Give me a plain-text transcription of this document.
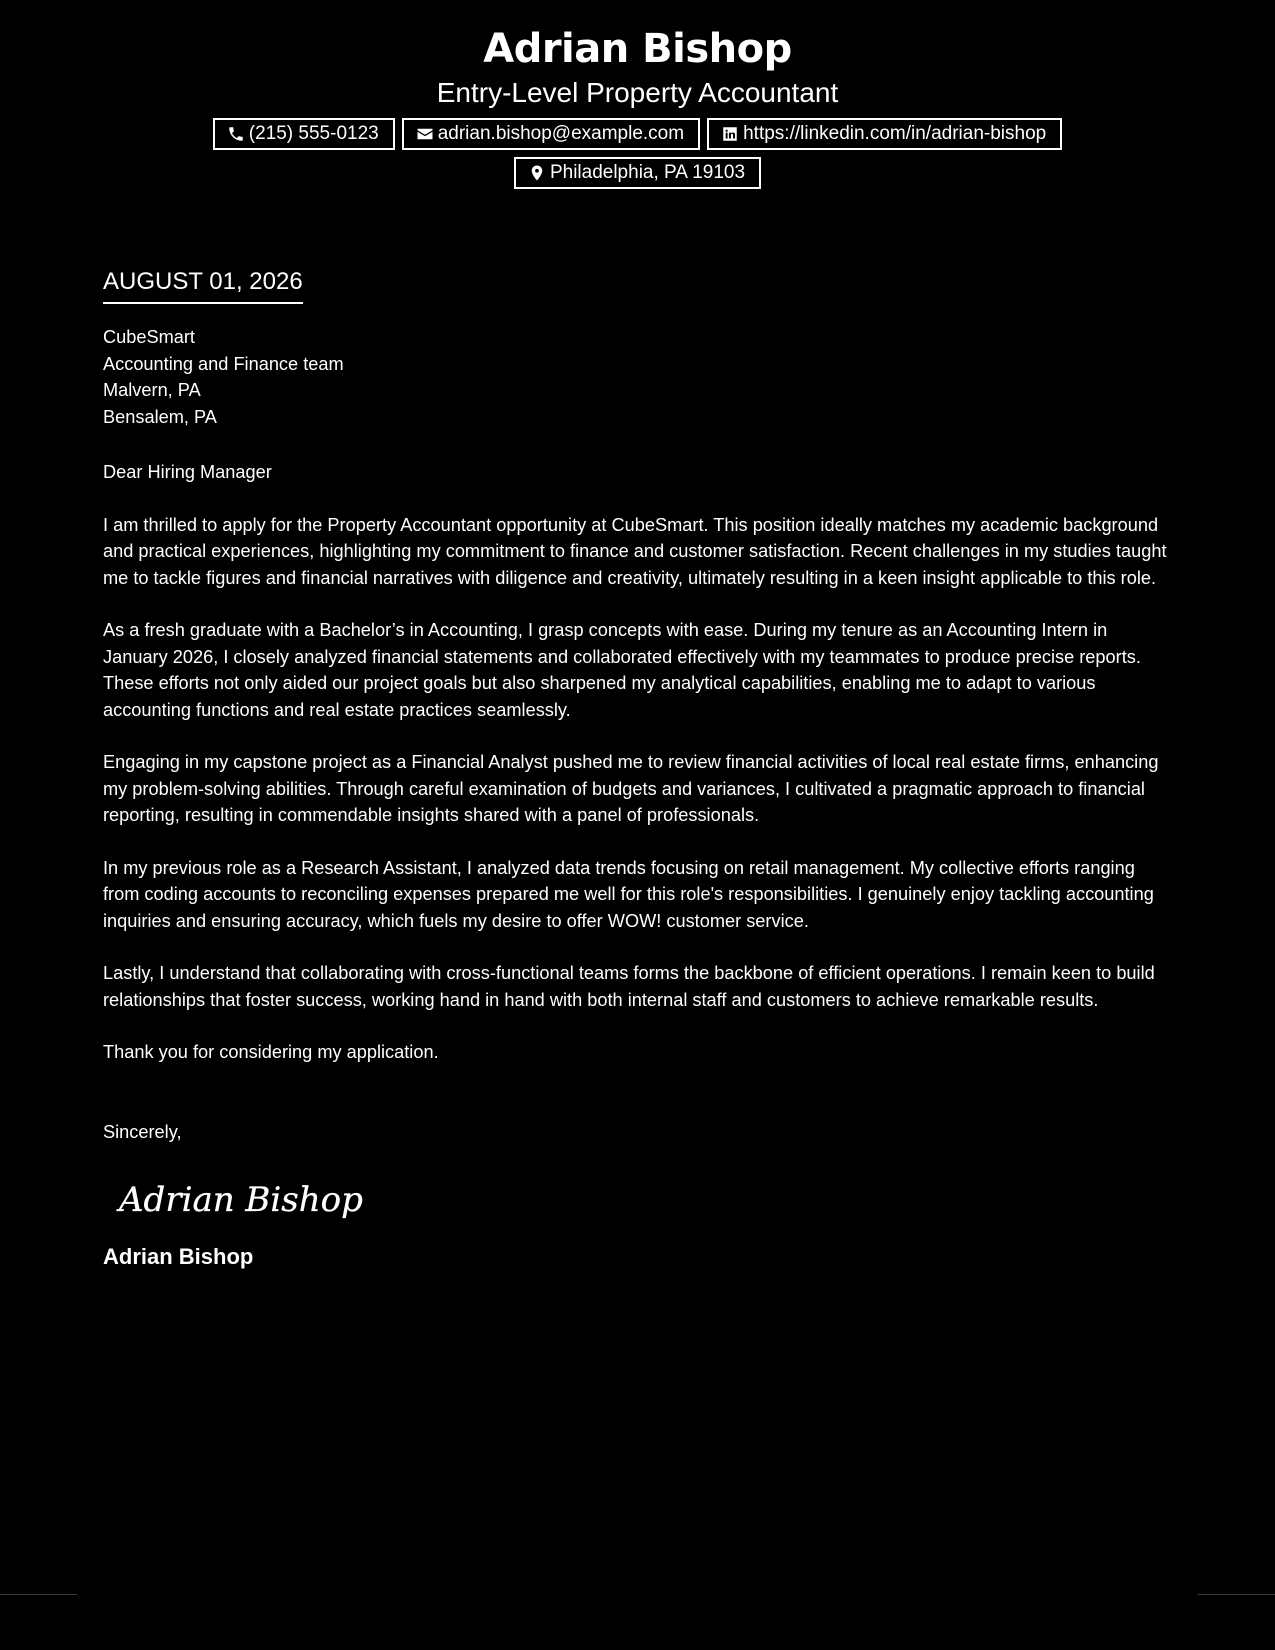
Adrian Bishop
Entry-Level Property Accountant
(215) 555-0123	adrian.bishop@example.com	https://linkedin.com/in/adrian-bishop
Philadelphia, PA 19103
AUGUST 01, 2026
CubeSmart
Accounting and Finance team
Malvern, PA
Bensalem, PA
Dear Hiring Manager

I am thrilled to apply for the Property Accountant opportunity at CubeSmart. This position ideally matches my academic background and practical experiences, highlighting my commitment to finance and customer satisfaction. Recent challenges in my studies taught me to tackle figures and financial narratives with diligence and creativity, ultimately resulting in a keen insight applicable to this role.

As a fresh graduate with a Bachelor’s in Accounting, I grasp concepts with ease. During my tenure as an Accounting Intern in January 2026, I closely analyzed financial statements and collaborated effectively with my teammates to produce precise reports. These efforts not only aided our project goals but also sharpened my analytical capabilities, enabling me to adapt to various accounting functions and real estate practices seamlessly.

Engaging in my capstone project as a Financial Analyst pushed me to review financial activities of local real estate firms, enhancing my problem-solving abilities. Through careful examination of budgets and variances, I cultivated a pragmatic approach to financial reporting, resulting in commendable insights shared with a panel of professionals.

In my previous role as a Research Assistant, I analyzed data trends focusing on retail management. My collective efforts ranging from coding accounts to reconciling expenses prepared me well for this role's responsibilities. I genuinely enjoy tackling accounting inquiries and ensuring accuracy, which fuels my desire to offer WOW! customer service.

Lastly, I understand that collaborating with cross-functional teams forms the backbone of efficient operations. I remain keen to build relationships that foster success, working hand in hand with both internal staff and customers to achieve remarkable results.

Thank you for considering my application.

Sincerely,
Adrian Bishop
Adrian Bishop
